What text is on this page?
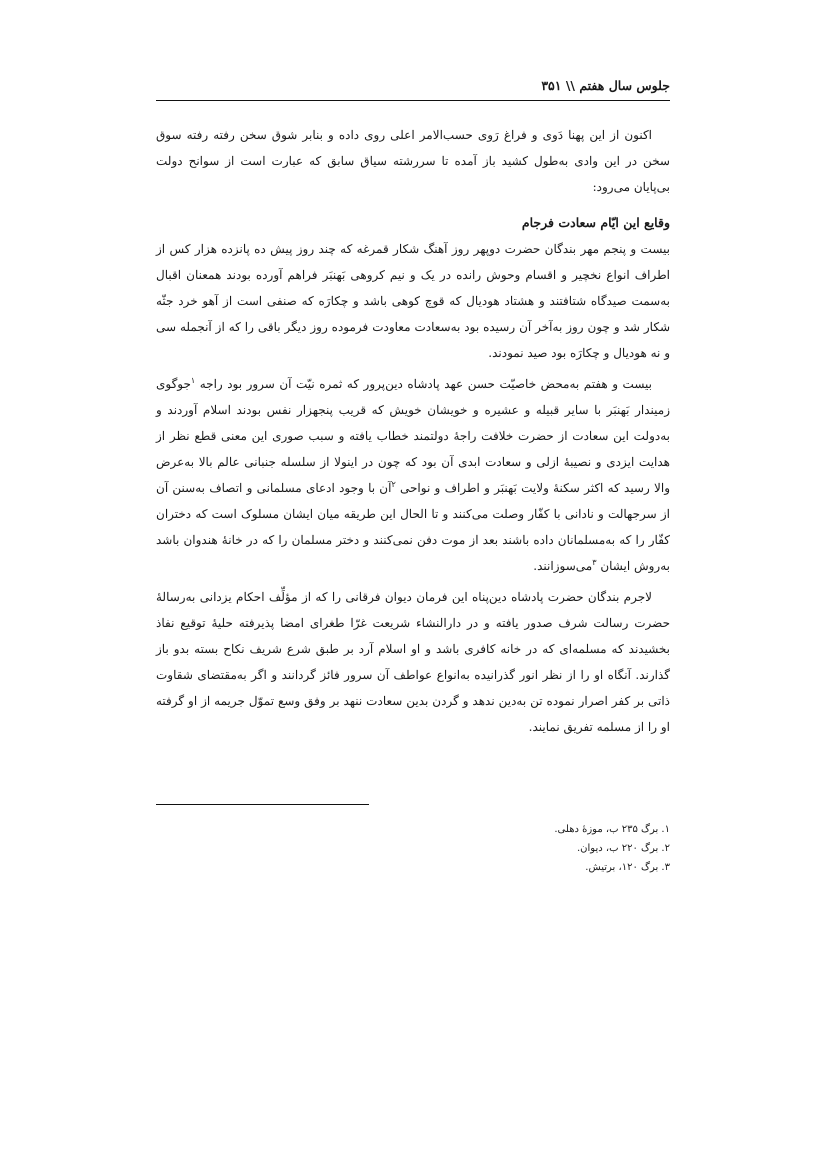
جلوس سال هفتم \\ ۳۵۱

اکنون از این پهنا دَوی و فراغ رَوی حسب‌الامر اعلی روی داده و بنابر شوق سخن رفته رفته سوق سخن در این وادی به‌طول کشید باز آمده تا سررشته سیاق سابق که عبارت است از سوانح دولت بی‌پایان می‌رود:

وقایع این ایّام سعادت فرجام

بیست و پنجم مهر بندگان حضرت دوپهر روز آهنگ شکار قمرغه که چند روز پیش ده پانزده هزار کس از اطراف انواع نخچیر و اقسام وحوش رانده در یک و نیم کروهی بَهنبَر فراهم آورده بودند همعنان اقبال به‌سمت صیدگاه شتافتند و هشتاد هودیال که قوچ کوهی باشد و چکارَه که صنفی است از آهو خرد جثّه شکار شد و چون روز به‌آخر آن رسیده بود به‌سعادت معاودت فرموده روز دیگر باقی را که از آنجمله سی و نه هودیال و چکارَه بود صید نمودند.

بیست و هفتم به‌محض خاصیّت حسن عهد پادشاه دین‌پرور که ثمره نیّت آن سرور بود راجه $^۱$جوگوی زمیندار بَهنبَر با سایر قبیله و عشیره و خویشان خویش که قریب پنجهزار نفس بودند اسلام آوردند و به‌دولت این سعادت از حضرت خلافت راجهٔ دولتمند خطاب یافته و سبب صوری این معنی قطع نظر از هدایت ایزدی و نصیبهٔ ازلی و سعادت ابدی آن بود که چون در اینولا از سلسله جنبانی عالم بالا به‌عرض والا رسید که اکثر سکنهٔ ولایت بَهنبَر و اطراف و نواحی $^۲$آن با وجود ادعای مسلمانی و اتصاف به‌سنن آن از سرجهالت و نادانی با کفّار وصلت می‌کنند و تا الحال این طریقه میان ایشان مسلوک است که دختران کفّار را که به‌مسلمانان داده باشند بعد از موت دفن نمی‌کنند و دختر مسلمان را که در خانهٔ هندوان باشد به‌روش ایشان $^۳$می‌سوزانند.

لاجرم بندگان حضرت پادشاه دین‌پناه این فرمان دیوان فرقانی را که از مؤلِّف احکام یزدانی به‌رسالهٔ حضرت رسالت شرف صدور یافته و در دارالنشاء شریعت غرّا طغرای امضا پذیرفته حلیهٔ توقیع نفاذ بخشیدند که مسلمه‌ای که در خانه کافری باشد و او اسلام آرد بر طبق شرع شریف نکاح بسته بدو باز گذارند. آنگاه او را از نظر انور گذرانیده به‌انواع عواطف آن سرور فائز گردانند و اگر به‌مقتضای شقاوت ذاتی بر کفر اصرار نموده تن به‌دین ندهد و گردن بدین سعادت ننهد بر وفق وسع تموّل جریمه از او گرفته او را از مسلمه تفریق نمایند.

۱. برگ ۲۳۵ ب، موزهٔ دهلی.
۲. برگ ۲۲۰ ب، دیوان.
۳. برگ ۱۲۰، برتیش.
